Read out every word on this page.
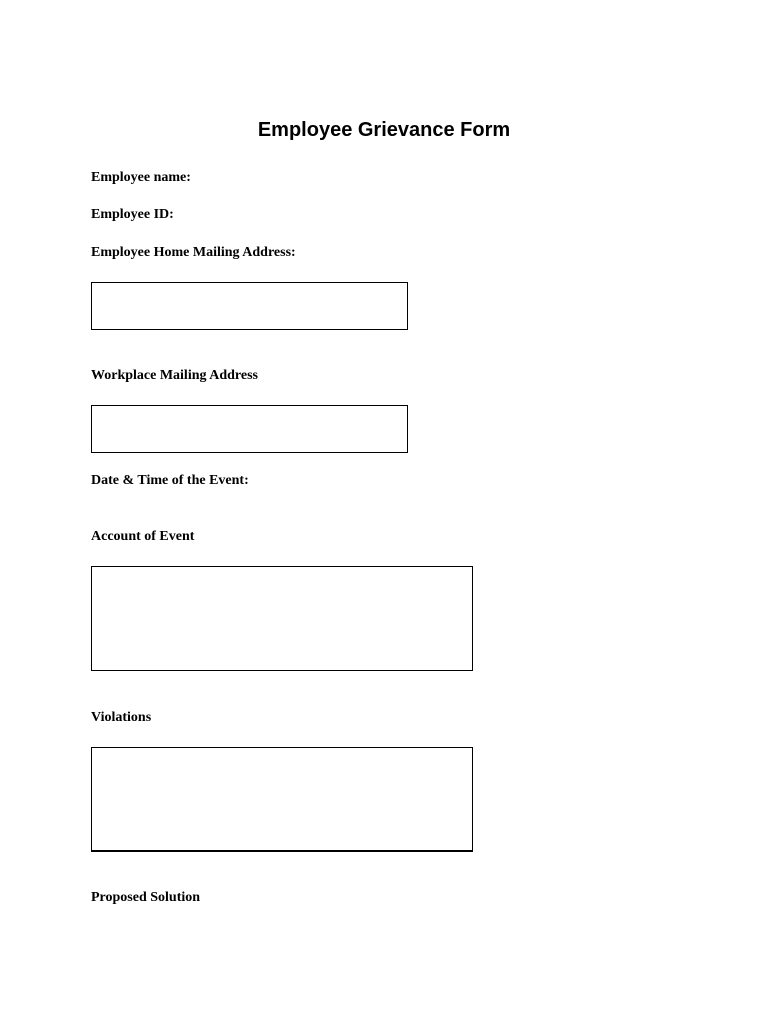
Employee Grievance Form
Employee name:
Employee ID:
Employee Home Mailing Address:
Workplace Mailing Address
Date & Time of the Event:
Account of Event
Violations
Proposed Solution
